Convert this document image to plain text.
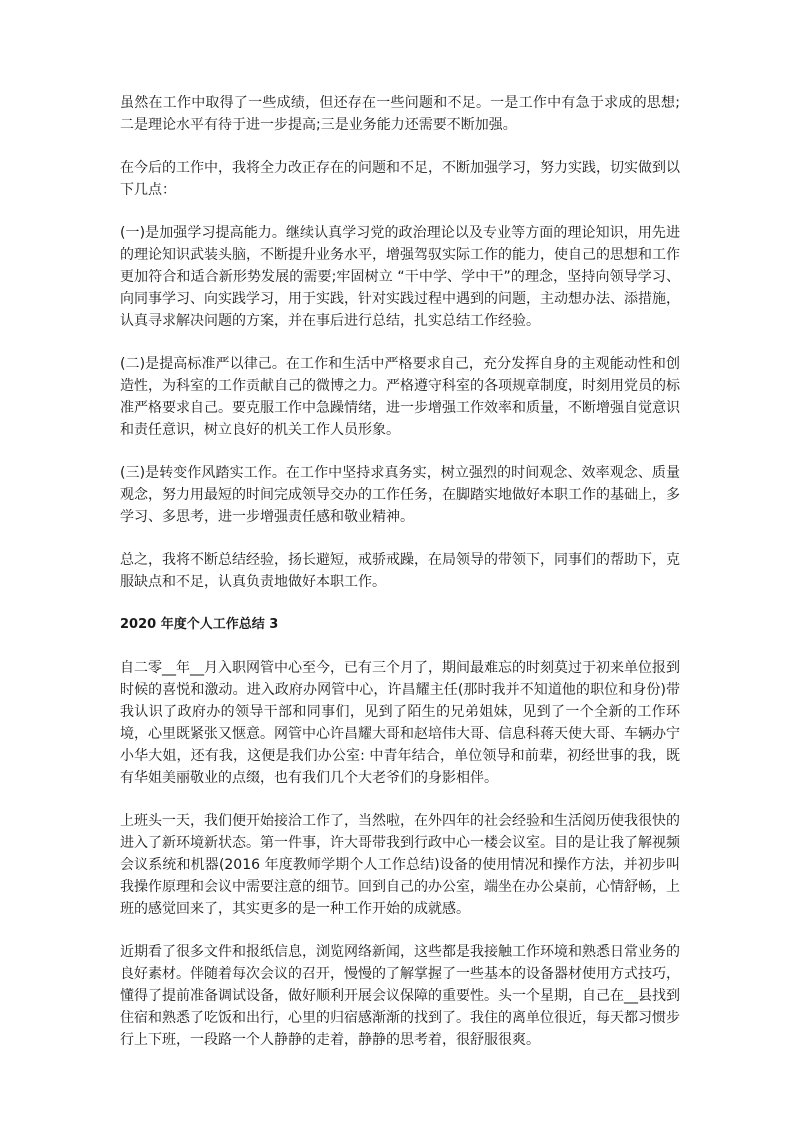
虽然在工作中取得了一些成绩，但还存在一些问题和不足。一是工作中有急于求成的思想;二是理论水平有待于进一步提高;三是业务能力还需要不断加强。

在今后的工作中，我将全力改正存在的问题和不足，不断加强学习，努力实践，切实做到以下几点：

(一)是加强学习提高能力。继续认真学习党的政治理论以及专业等方面的理论知识，用先进的理论知识武装头脑，不断提升业务水平，增强驾驭实际工作的能力，使自己的思想和工作更加符合和适合新形势发展的需要;牢固树立 “干中学、学中干”的理念，坚持向领导学习、向同事学习、向实践学习，用于实践，针对实践过程中遇到的问题，主动想办法、添措施，认真寻求解决问题的方案，并在事后进行总结，扎实总结工作经验。

(二)是提高标准严以律己。在工作和生活中严格要求自己，充分发挥自身的主观能动性和创造性，为科室的工作贡献自己的微博之力。严格遵守科室的各项规章制度，时刻用党员的标准严格要求自己。要克服工作中急躁情绪，进一步增强工作效率和质量，不断增强自觉意识和责任意识，树立良好的机关工作人员形象。

(三)是转变作风踏实工作。在工作中坚持求真务实，树立强烈的时间观念、效率观念、质量观念，努力用最短的时间完成领导交办的工作任务，在脚踏实地做好本职工作的基础上，多学习、多思考，进一步增强责任感和敬业精神。

总之，我将不断总结经验，扬长避短，戒骄戒躁，在局领导的带领下，同事们的帮助下，克服缺点和不足，认真负责地做好本职工作。

2020 年度个人工作总结 3

自二零__年__月入职网管中心至今，已有三个月了，期间最难忘的时刻莫过于初来单位报到时候的喜悦和激动。进入政府办网管中心，许昌耀主任(那时我并不知道他的职位和身份)带我认识了政府办的领导干部和同事们，见到了陌生的兄弟姐妹，见到了一个全新的工作环境，心里既紧张又惬意。网管中心许昌耀大哥和赵培伟大哥、信息科蒋天使大哥、车辆办宁小华大姐，还有我，这便是我们办公室: 中青年结合，单位领导和前辈，初经世事的我，既有华姐美丽敬业的点缀，也有我们几个大老爷们的身影相伴。

上班头一天，我们便开始接洽工作了，当然啦，在外四年的社会经验和生活阅历使我很快的进入了新环境新状态。第一件事，许大哥带我到行政中心一楼会议室。目的是让我了解视频会议系统和机器(2016 年度教师学期个人工作总结)设备的使用情况和操作方法，并初步叫我操作原理和会议中需要注意的细节。回到自己的办公室，端坐在办公桌前，心情舒畅，上班的感觉回来了，其实更多的是一种工作开始的成就感。

近期看了很多文件和报纸信息，浏览网络新闻，这些都是我接触工作环境和熟悉日常业务的良好素材。伴随着每次会议的召开，慢慢的了解掌握了一些基本的设备器材使用方式技巧，懂得了提前准备调试设备，做好顺利开展会议保障的重要性。头一个星期，自己在__县找到住宿和熟悉了吃饭和出行，心里的归宿感渐渐的找到了。我住的离单位很近，每天都习惯步行上下班，一段路一个人静静的走着，静静的思考着，很舒服很爽。
